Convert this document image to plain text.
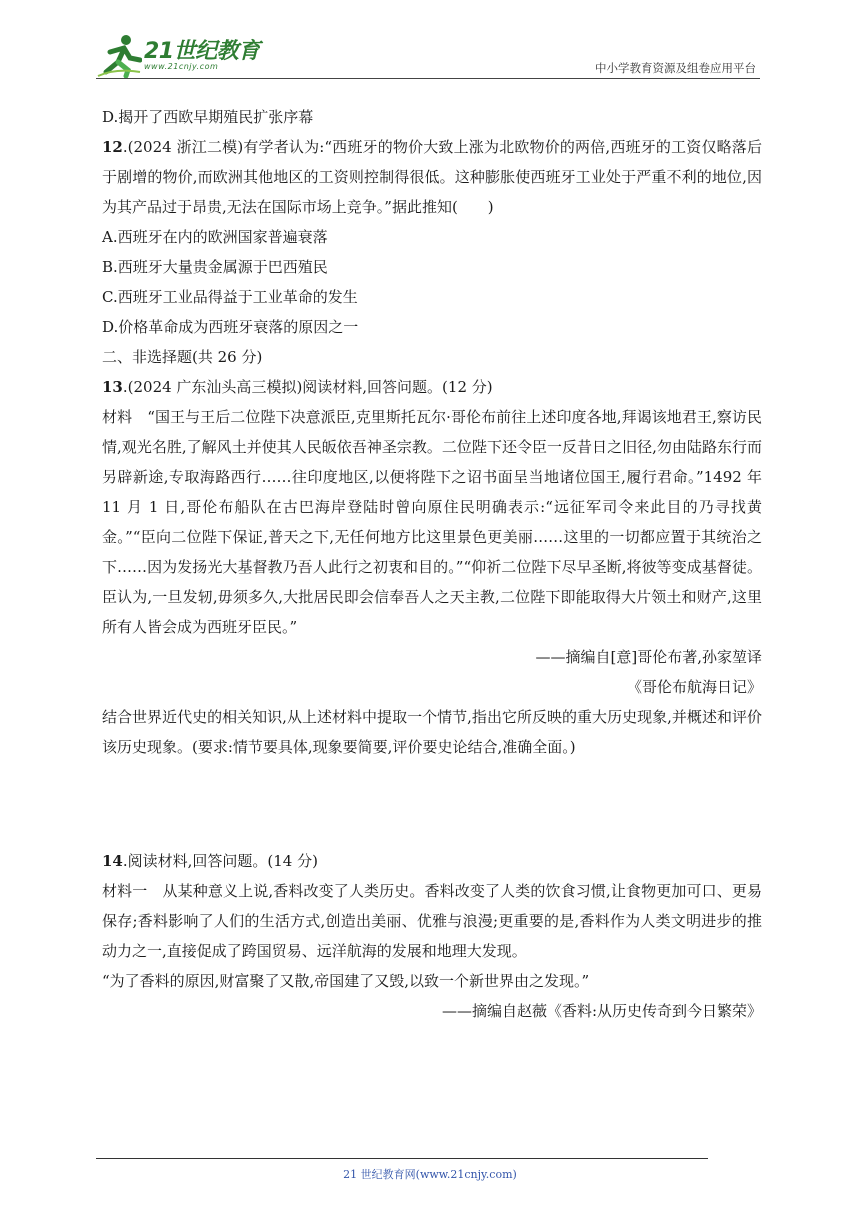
21世纪教育
www.21cnjy.com	中小学教育资源及组卷应用平台

D.揭开了西欧早期殖民扩张序幕

12.(2024 浙江二模)有学者认为:“西班牙的物价大致上涨为北欧物价的两倍,西班牙的工资仅略落后于剧增的物价,而欧洲其他地区的工资则控制得很低。这种膨胀使西班牙工业处于严重不利的地位,因为其产品过于昂贵,无法在国际市场上竞争。”据此推知(　　)

A.西班牙在内的欧洲国家普遍衰落

B.西班牙大量贵金属源于巴西殖民

C.西班牙工业品得益于工业革命的发生

D.价格革命成为西班牙衰落的原因之一

二、非选择题(共 26 分)

13.(2024 广东汕头高三模拟)阅读材料,回答问题。(12 分)

材料　“国王与王后二位陛下决意派臣,克里斯托瓦尔·哥伦布前往上述印度各地,拜谒该地君王,察访民情,观光名胜,了解风土并使其人民皈依吾神圣宗教。二位陛下还令臣一反昔日之旧径,勿由陆路东行而另辟新途,专取海路西行……往印度地区,以便将陛下之诏书面呈当地诸位国王,履行君命。”1492 年 11 月 1 日,哥伦布船队在古巴海岸登陆时曾向原住民明确表示:“远征军司令来此目的乃寻找黄金。”“臣向二位陛下保证,普天之下,无任何地方比这里景色更美丽……这里的一切都应置于其统治之下……因为发扬光大基督教乃吾人此行之初衷和目的。”“仰祈二位陛下尽早圣断,将彼等变成基督徒。臣认为,一旦发轫,毋须多久,大批居民即会信奉吾人之天主教,二位陛下即能取得大片领土和财产,这里所有人皆会成为西班牙臣民。”

——摘编自[意]哥伦布著,孙家堃译

《哥伦布航海日记》

结合世界近代史的相关知识,从上述材料中提取一个情节,指出它所反映的重大历史现象,并概述和评价该历史现象。(要求:情节要具体,现象要简要,评价要史论结合,准确全面。)

14.阅读材料,回答问题。(14 分)

材料一　从某种意义上说,香料改变了人类历史。香料改变了人类的饮食习惯,让食物更加可口、更易保存;香料影响了人们的生活方式,创造出美丽、优雅与浪漫;更重要的是,香料作为人类文明进步的推动力之一,直接促成了跨国贸易、远洋航海的发展和地理大发现。

“为了香料的原因,财富聚了又散,帝国建了又毁,以致一个新世界由之发现。”

——摘编自赵薇《香料:从历史传奇到今日繁荣》

21 世纪教育网(www.21cnjy.com)
